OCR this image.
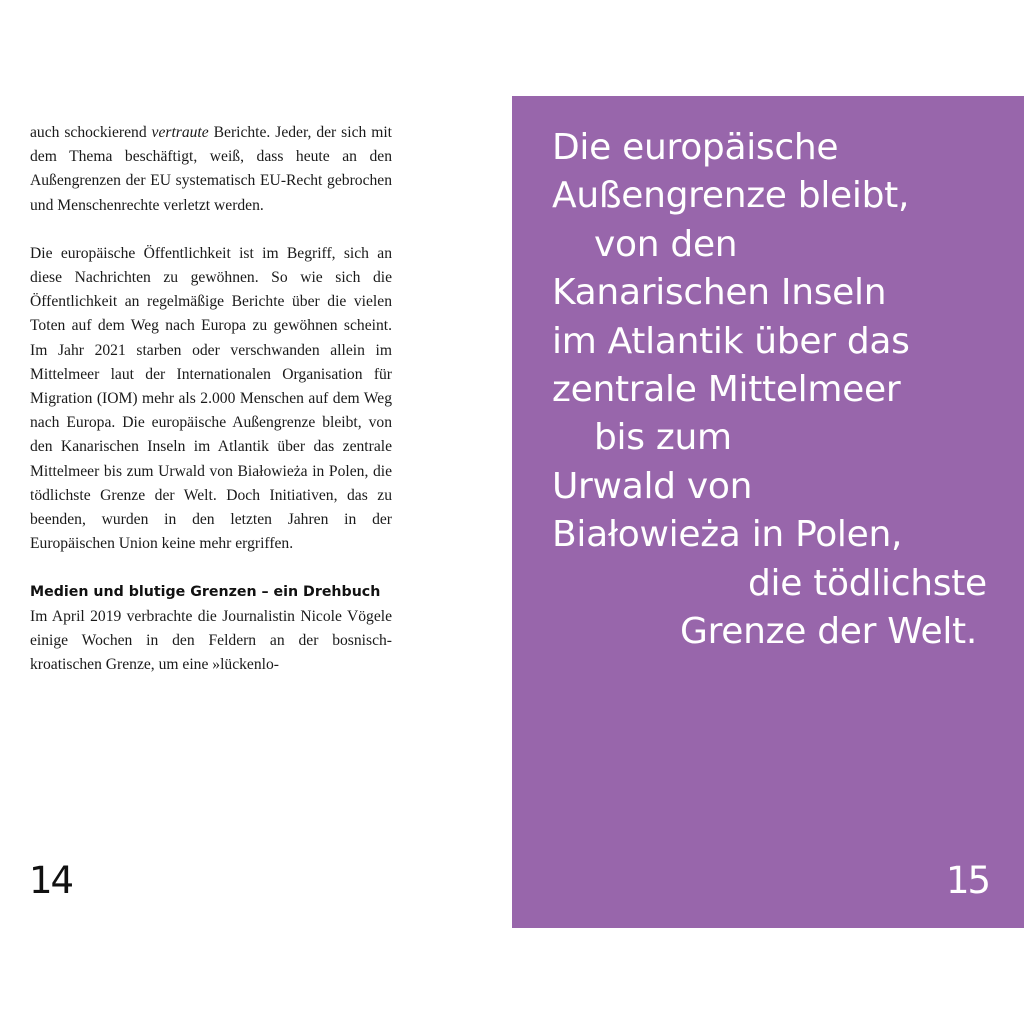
auch schockierend vertraute Berichte. Jeder, der sich mit dem Thema beschäftigt, weiß, dass heute an den Außengrenzen der EU systematisch EU-Recht gebrochen und Menschenrechte verletzt werden.

Die europäische Öffentlichkeit ist im Begriff, sich an diese Nachrichten zu gewöhnen. So wie sich die Öffentlichkeit an regelmäßige Berichte über die vielen Toten auf dem Weg nach Europa zu gewöhnen scheint. Im Jahr 2021 starben oder verschwanden allein im Mittelmeer laut der Internationalen Organisation für Migration (IOM) mehr als 2.000 Menschen auf dem Weg nach Europa. Die europäische Außengrenze bleibt, von den Kanarischen Inseln im Atlantik über das zentrale Mittelmeer bis zum Urwald von Białowieża in Polen, die tödlichste Grenze der Welt. Doch Initiativen, das zu beenden, wurden in den letzten Jahren in der Europäischen Union keine mehr ergriffen.

Medien und blutige Grenzen – ein Drehbuch

Im April 2019 verbrachte die Journalistin Nicole Vögele einige Wochen in den Feldern an der bosnisch-kroatischen Grenze, um eine »lückenlo-

14
Die europäische
Außengrenze bleibt,
von den
Kanarischen Inseln
im Atlantik über das
zentrale Mittelmeer
bis zum
Urwald von
Białowieża in Polen,
die tödlichste
Grenze der Welt.
15
